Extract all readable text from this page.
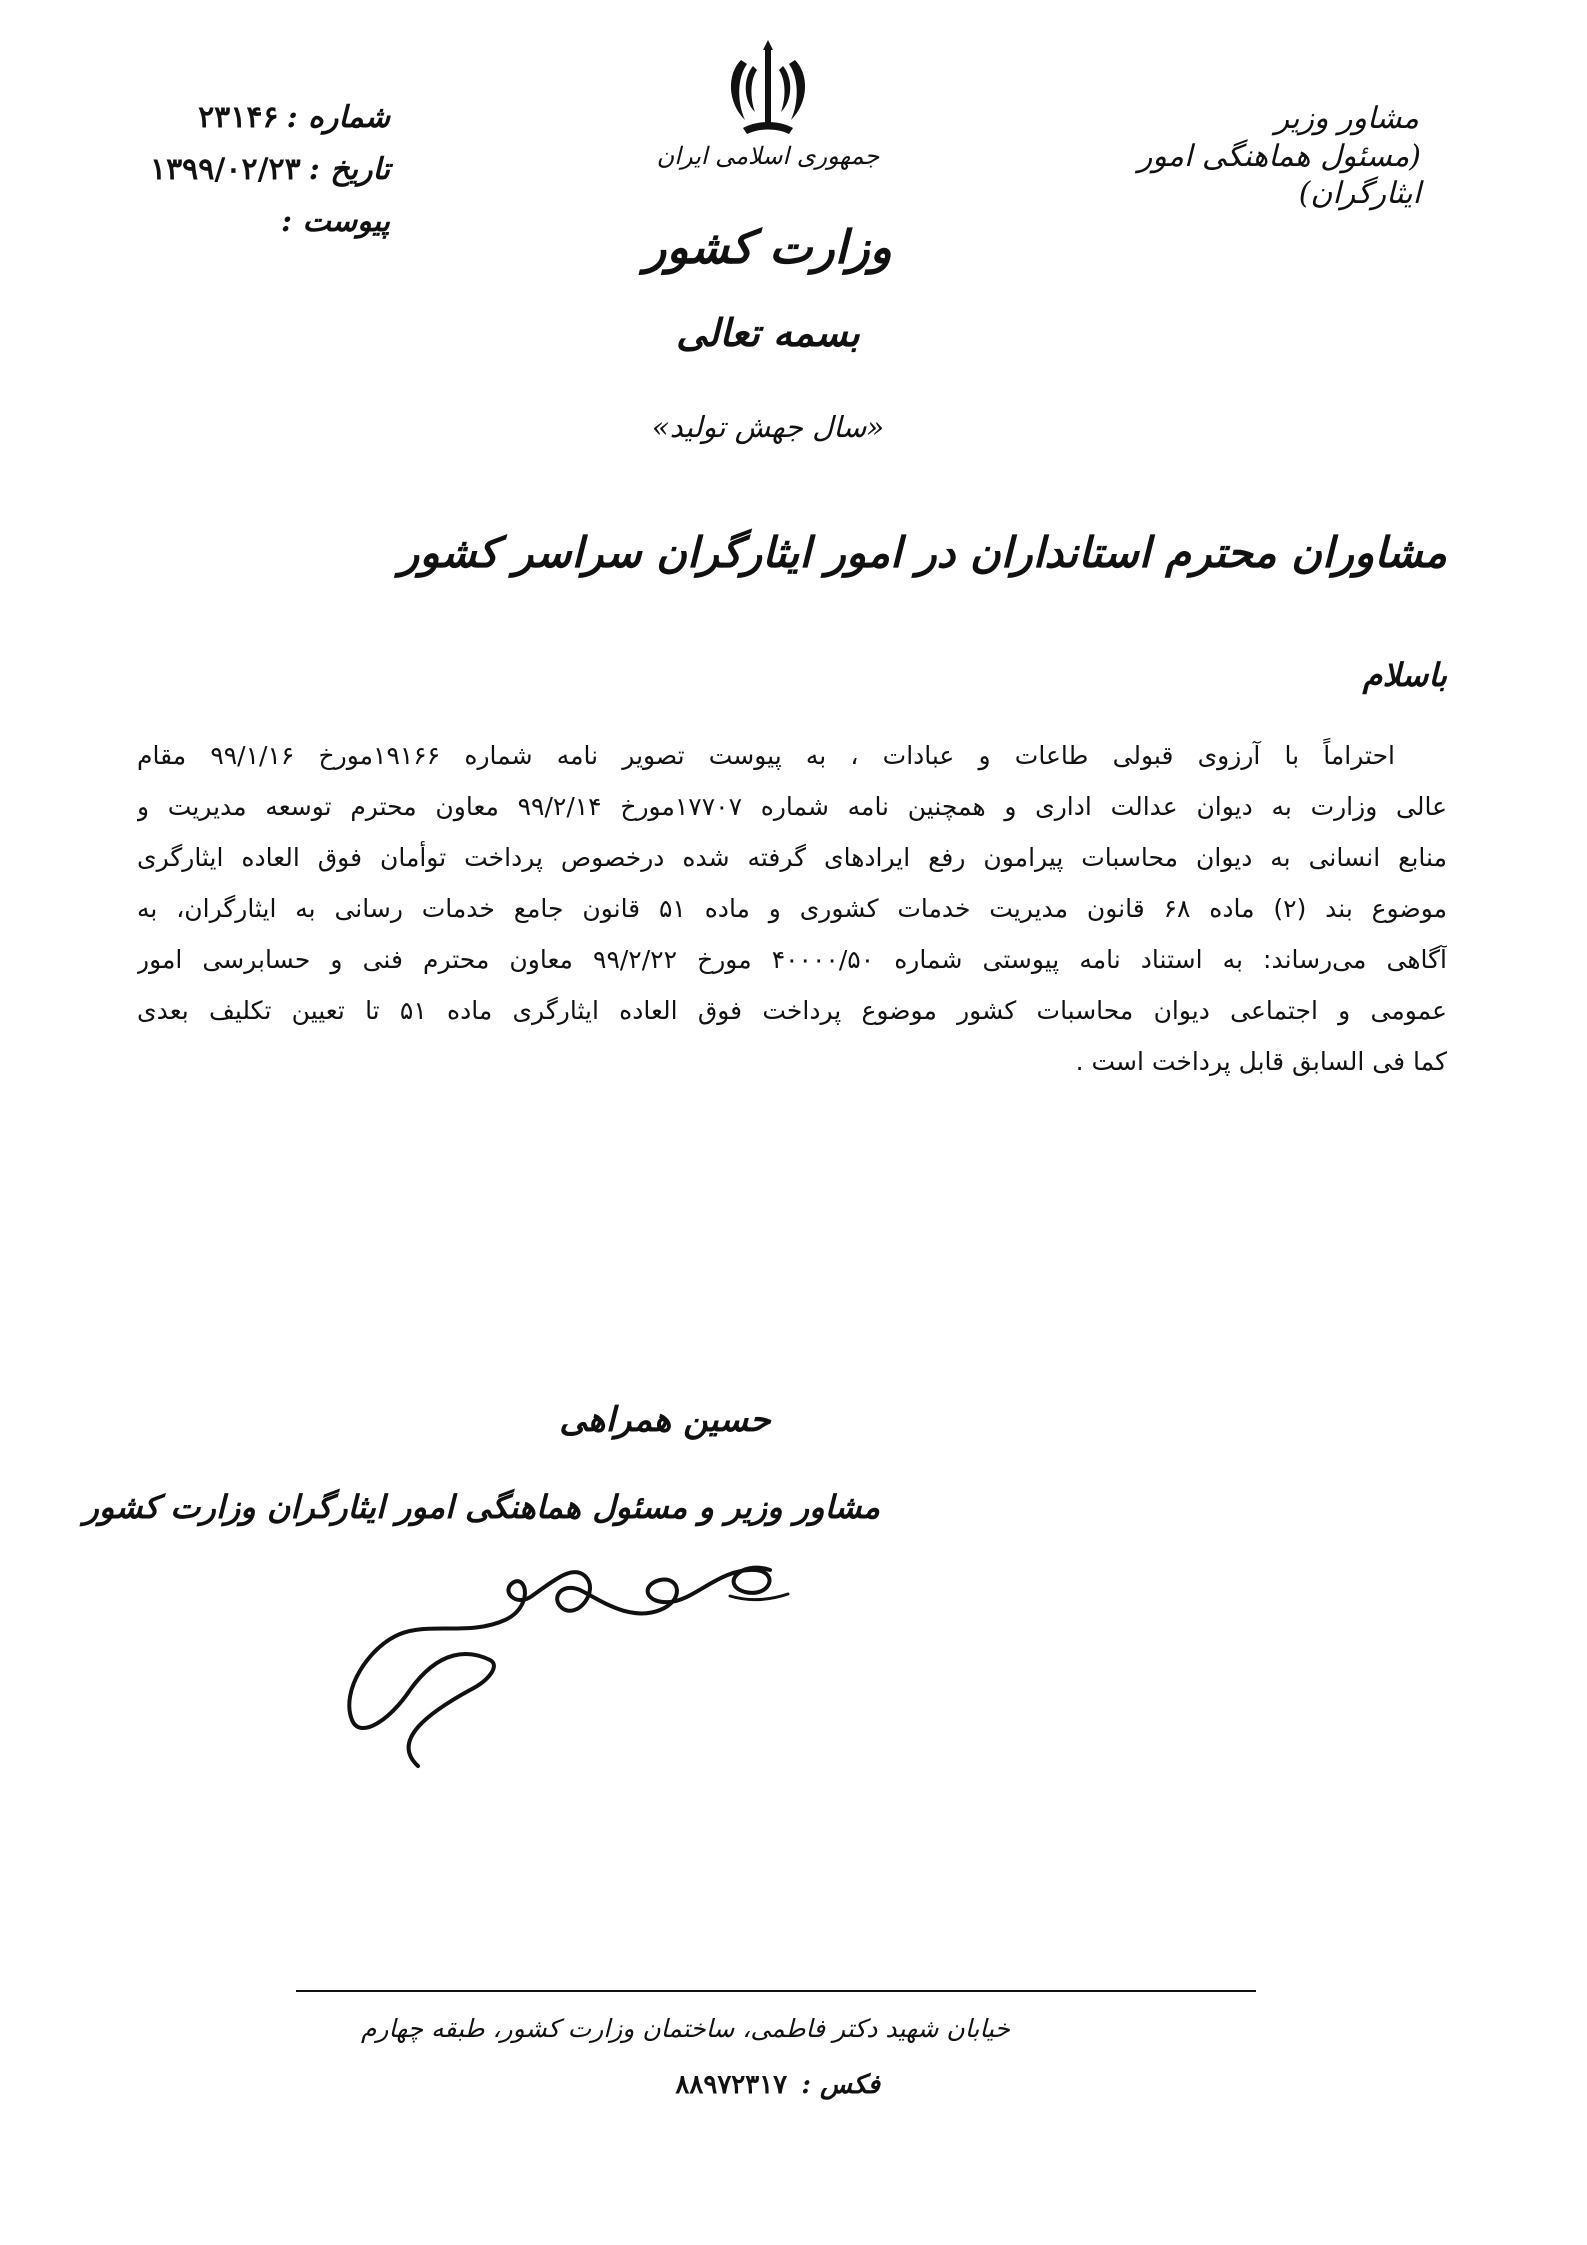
مشاور وزیر
(مسئول هماهنگی امور ایثارگران)
شماره :
۲۳۱۴۶
تاریخ :
۱۳۹۹/۰۲/۲۳
پیوست :
جمهوری اسلامی ایران
وزارت کشور
بسمه تعالی
«سال جهش تولید»
مشاوران محترم استانداران در امور ایثارگران سراسر کشور
باسلام
احتراماً با آرزوی قبولی طاعات و عبادات ، به پیوست تصویر نامه شماره ۱۹۱۶۶مورخ ۹۹/۱/۱۶ مقام
عالی وزارت به دیوان عدالت اداری و همچنین نامه شماره ۱۷۷۰۷مورخ ۹۹/۲/۱۴ معاون محترم توسعه مدیریت و
منابع انسانی به دیوان محاسبات پیرامون رفع ایرادهای گرفته شده درخصوص پرداخت توأمان فوق العاده ایثارگری
موضوع بند (۲) ماده ۶۸ قانون مدیریت خدمات کشوری و ماده ۵۱ قانون جامع خدمات رسانی به ایثارگران، به
آگاهی می‌رساند: به استناد نامه پیوستی شماره ۴۰۰۰۰/۵۰ مورخ ۹۹/۲/۲۲ معاون محترم فنی و حسابرسی امور
عمومی و اجتماعی دیوان محاسبات کشور موضوع پرداخت فوق العاده ایثارگری ماده ۵۱ تا تعیین تکلیف بعدی
کما فی السابق قابل پرداخت است .
حسین همراهی
مشاور وزیر و مسئول هماهنگی امور ایثارگران وزارت کشور
خیابان شهید دکتر فاطمی، ساختمان وزارت کشور، طبقه چهارم
فکس : ۸۸۹۷۲۳۱۷
